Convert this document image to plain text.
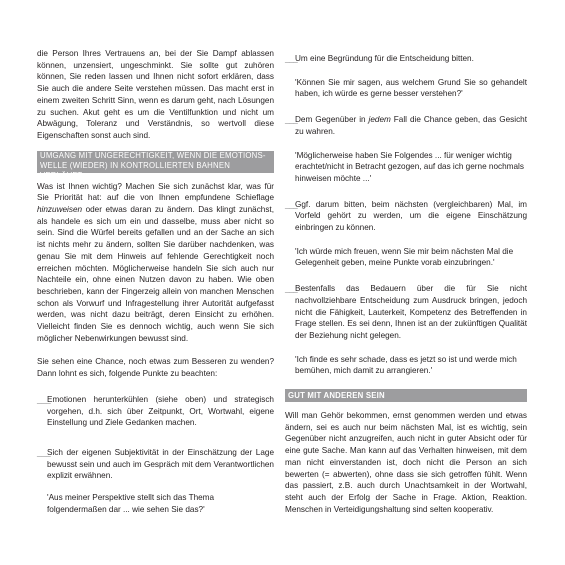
die Person Ihres Vertrauens an, bei der Sie Dampf ablassen können, unzensiert, ungeschminkt. Sie sollte gut zuhören können, Sie reden lassen und Ihnen nicht sofort erklären, dass Sie auch die andere Seite verstehen müssen. Das macht erst in einem zweiten Schritt Sinn, wenn es darum geht, nach Lösungen zu suchen. Akut geht es um die Ventilfunktion und nicht um Abwägung, Toleranz und Verständnis, so wertvoll diese Eigenschaften sonst auch sind.

UMGANG MIT UNGERECHTIGKEIT, WENN DIE EMOTIONS-
WELLE (WIEDER) IN KONTROLLIERTEN BAHNEN VERLÄUFT

Was ist Ihnen wichtig? Machen Sie sich zunächst klar, was für Sie Priorität hat: auf die von Ihnen empfundene Schieflage hinzuweisen oder etwas daran zu ändern. Das klingt zunächst, als handele es sich um ein und dasselbe, muss aber nicht so sein. Sind die Würfel bereits gefallen und an der Sache an sich ist nichts mehr zu ändern, sollten Sie darüber nachdenken, was genau Sie mit dem Hinweis auf fehlende Gerechtigkeit noch erreichen möchten. Möglicherweise handeln Sie sich auch nur Nachteile ein, ohne einen Nutzen davon zu haben. Wie oben beschrieben, kann der Fingerzeig allein von manchen Menschen schon als Vorwurf und Infragestellung ihrer Autorität aufgefasst werden, was nicht dazu beiträgt, deren Einsicht zu erhöhen. Vielleicht finden Sie es dennoch wichtig, auch wenn Sie sich möglicher Nebenwirkungen bewusst sind.

Sie sehen eine Chance, noch etwas zum Besseren zu wenden? Dann lohnt es sich, folgende Punkte zu beachten:

___

Emotionen herunterkühlen (siehe oben) und strategisch vorgehen, d.h. sich über Zeitpunkt, Ort, Wortwahl, eigene Einstellung und Ziele Gedanken machen.

___

Sich der eigenen Subjektivität in der Einschätzung der Lage bewusst sein und auch im Gespräch mit dem Verantwortlichen explizit erwähnen.

'Aus meiner Perspektive stellt sich das Thema folgendermaßen dar ... wie sehen Sie das?'

___

Um eine Begründung für die Entscheidung bitten.

'Können Sie mir sagen, aus welchem Grund Sie so gehandelt haben, ich würde es gerne besser verstehen?'

___

Dem Gegenüber in jedem Fall die Chance geben, das Gesicht zu wahren.

'Möglicherweise haben Sie Folgendes ... für weniger wichtig erachtet/nicht in Betracht gezogen, auf das ich gerne nochmals hinweisen möchte ...'

___

Ggf. darum bitten, beim nächsten (vergleichbaren) Mal, im Vorfeld gehört zu werden, um die eigene Einschätzung einbringen zu können.

'Ich würde mich freuen, wenn Sie mir beim nächsten Mal die Gelegenheit geben, meine Punkte vorab einzubringen.'

___

Bestenfalls das Bedauern über die für Sie nicht nachvollziehbare Entscheidung zum Ausdruck bringen, jedoch nicht die Fähigkeit, Lauterkeit, Kompetenz des Betreffenden in Frage stellen. Es sei denn, Ihnen ist an der zukünftigen Qualität der Beziehung nicht gelegen.

'Ich finde es sehr schade, dass es jetzt so ist und werde mich bemühen, mich damit zu arrangieren.'

GUT MIT ANDEREN SEIN

Will man Gehör bekommen, ernst genommen werden und etwas ändern, sei es auch nur beim nächsten Mal, ist es wichtig, sein Gegenüber nicht anzugreifen, auch nicht in guter Absicht oder für eine gute Sache. Man kann auf das Verhalten hinweisen, mit dem man nicht einverstanden ist, doch nicht die Person an sich bewerten (= abwerten), ohne dass sie sich getroffen fühlt. Wenn das passiert, z.B. auch durch Unachtsamkeit in der Wortwahl, steht auch der Erfolg der Sache in Frage. Aktion, Reaktion. Menschen in Verteidigungshaltung sind selten kooperativ.
